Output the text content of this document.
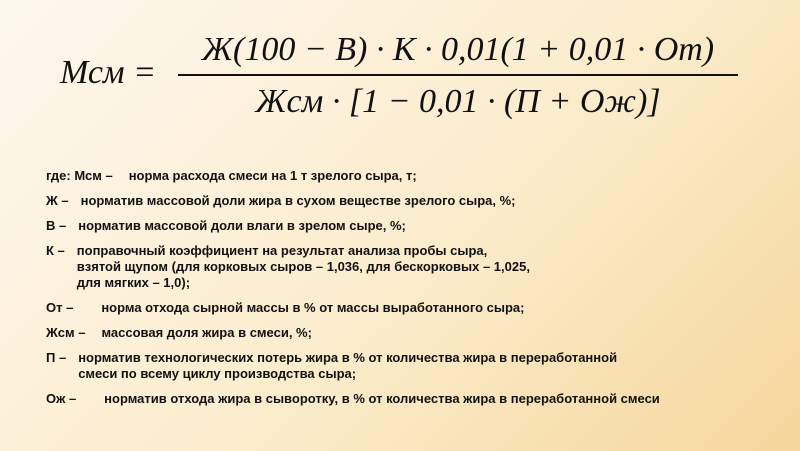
Мсм =
Ж(100 − В) · К · 0,01(1 + 0,01 · От)
Жсм · [1 − 0,01 · (П + Ож)]
где: Мсм – норма расхода смеси на 1 т зрелого сыра, т;
Ж – норматив массовой доли жира в сухом веществе зрелого сыра, %;
В – норматив массовой доли влаги в зрелом сыре, %;
К – поправочный коэффициент на результат анализа пробы сыра,
взятой щупом (для корковых сыров – 1,036, для бескорковых – 1,025,
для мягких – 1,0);
От – норма отхода сырной массы в % от массы выработанного сыра;
Жсм – массовая доля жира в смеси, %;
П – норматив технологических потерь жира в % от количества жира в переработанной
смеси по всему циклу производства сыра;
Ож – норматив отхода жира в сыворотку, в % от количества жира в переработанной смеси
